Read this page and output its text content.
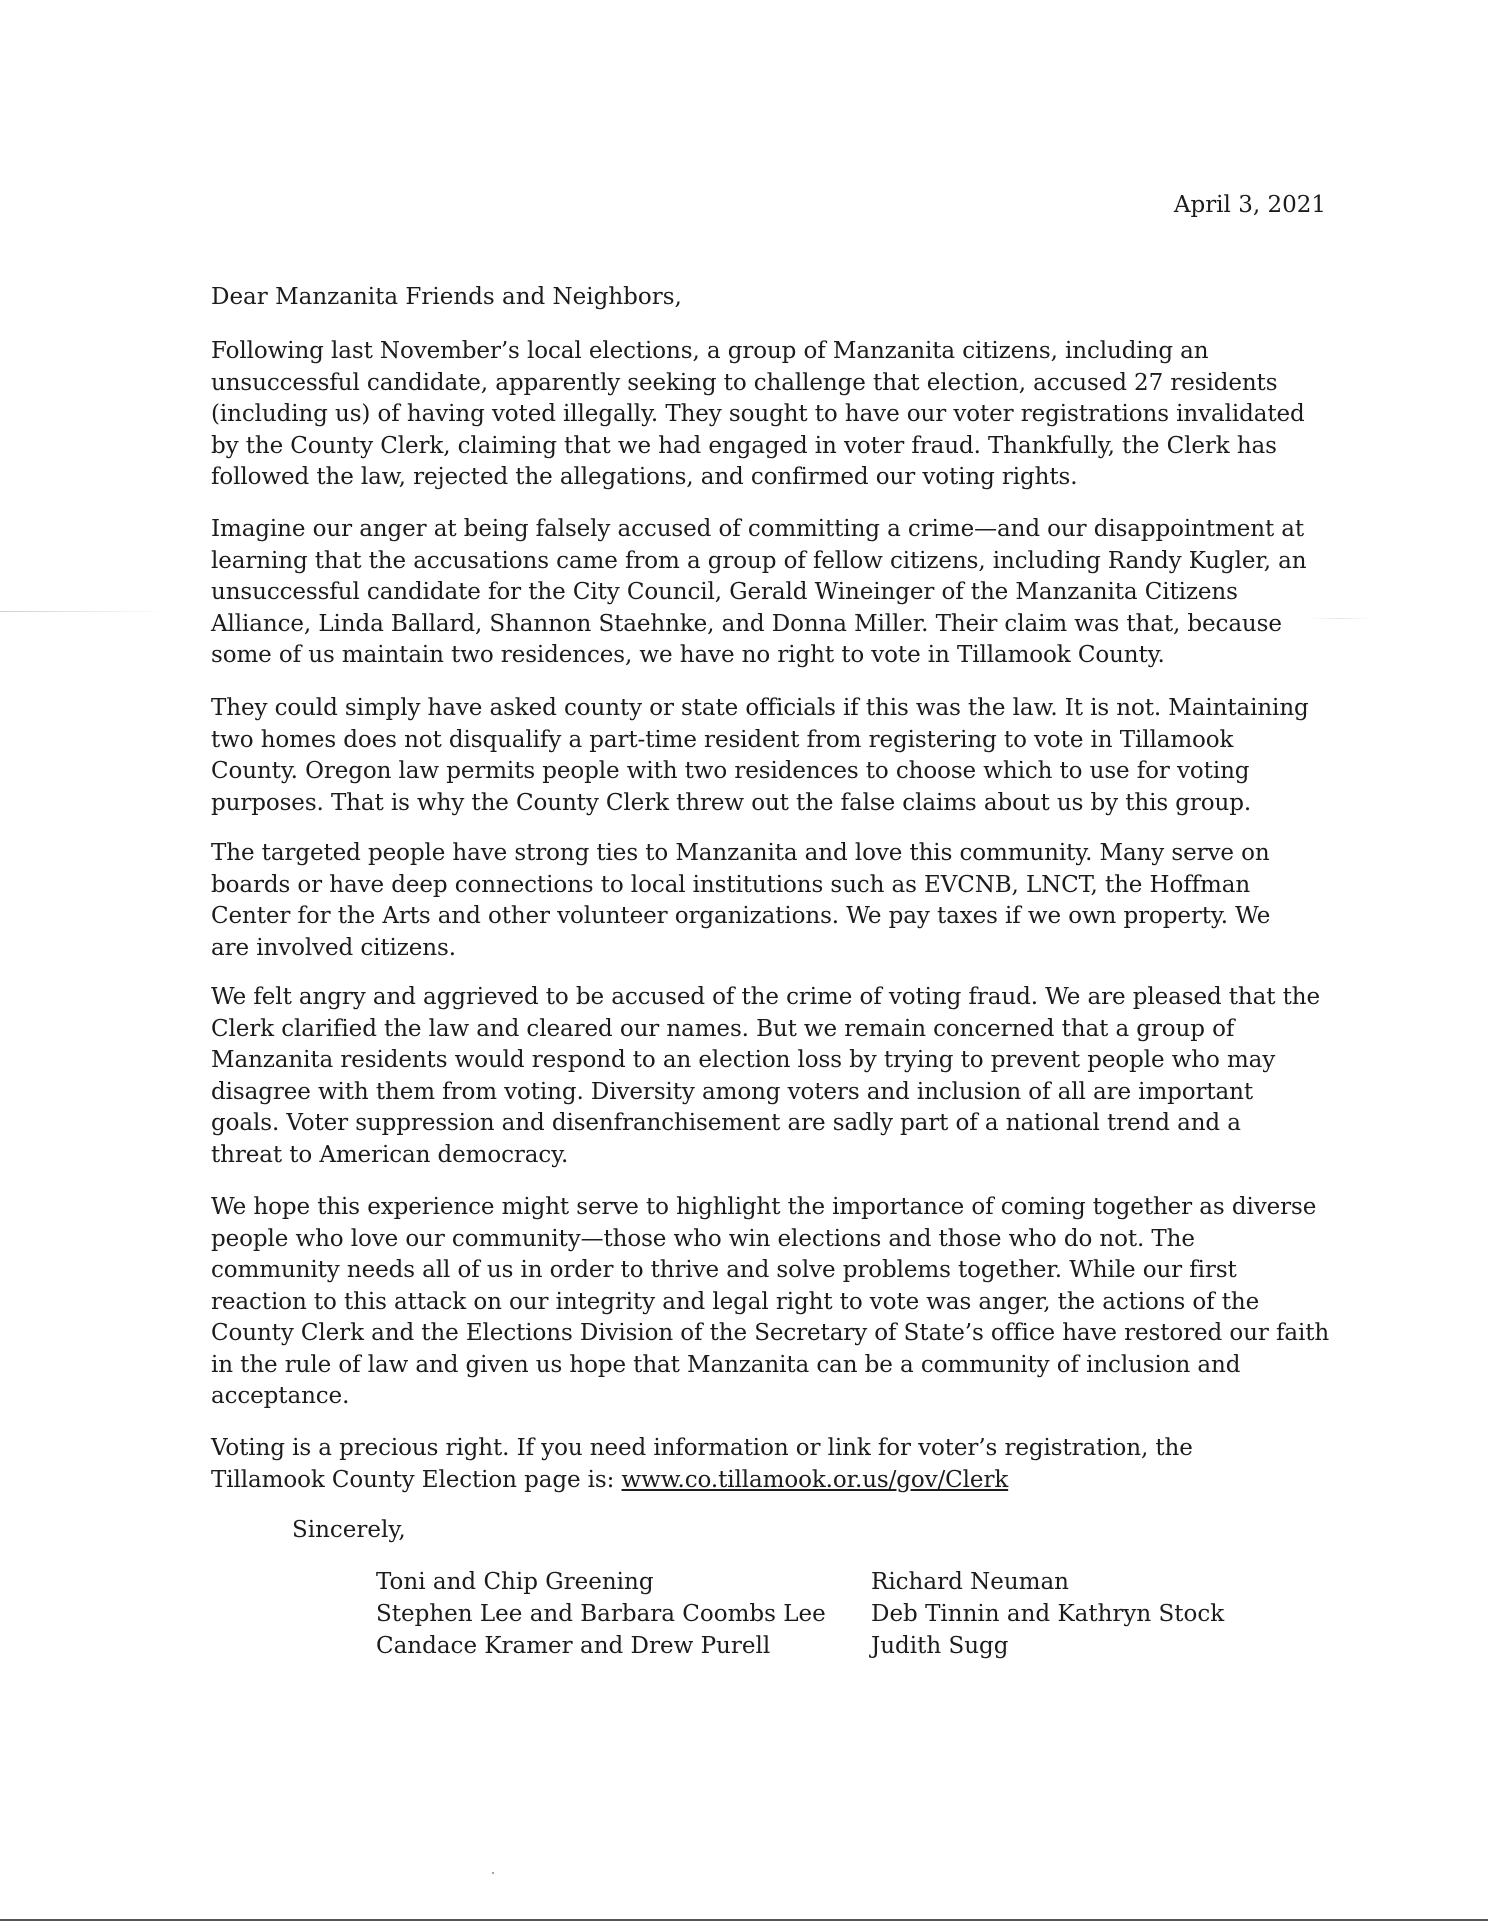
April 3, 2021
Dear Manzanita Friends and Neighbors,
Following last November’s local elections, a group of Manzanita citizens, including an
unsuccessful candidate, apparently seeking to challenge that election, accused 27 residents
(including us) of having voted illegally. They sought to have our voter registrations invalidated
by the County Clerk, claiming that we had engaged in voter fraud. Thankfully, the Clerk has
followed the law, rejected the allegations, and confirmed our voting rights.
Imagine our anger at being falsely accused of committing a crime—and our disappointment at
learning that the accusations came from a group of fellow citizens, including Randy Kugler, an
unsuccessful candidate for the City Council, Gerald Wineinger of the Manzanita Citizens
Alliance, Linda Ballard, Shannon Staehnke, and Donna Miller. Their claim was that, because
some of us maintain two residences, we have no right to vote in Tillamook County.
They could simply have asked county or state officials if this was the law. It is not. Maintaining
two homes does not disqualify a part-time resident from registering to vote in Tillamook
County. Oregon law permits people with two residences to choose which to use for voting
purposes. That is why the County Clerk threw out the false claims about us by this group.
The targeted people have strong ties to Manzanita and love this community. Many serve on
boards or have deep connections to local institutions such as EVCNB, LNCT, the Hoffman
Center for the Arts and other volunteer organizations. We pay taxes if we own property. We
are involved citizens.
We felt angry and aggrieved to be accused of the crime of voting fraud. We are pleased that the
Clerk clarified the law and cleared our names. But we remain concerned that a group of
Manzanita residents would respond to an election loss by trying to prevent people who may
disagree with them from voting. Diversity among voters and inclusion of all are important
goals. Voter suppression and disenfranchisement are sadly part of a national trend and a
threat to American democracy.
We hope this experience might serve to highlight the importance of coming together as diverse
people who love our community—those who win elections and those who do not. The
community needs all of us in order to thrive and solve problems together. While our first
reaction to this attack on our integrity and legal right to vote was anger, the actions of the
County Clerk and the Elections Division of the Secretary of State’s office have restored our faith
in the rule of law and given us hope that Manzanita can be a community of inclusion and
acceptance.
Voting is a precious right. If you need information or link for voter’s registration, the
Tillamook County Election page is: www.co.tillamook.or.us/gov/Clerk
Sincerely,
Toni and Chip Greening
Stephen Lee and Barbara Coombs Lee
Candace Kramer and Drew Purell
Richard Neuman
Deb Tinnin and Kathryn Stock
Judith Sugg
